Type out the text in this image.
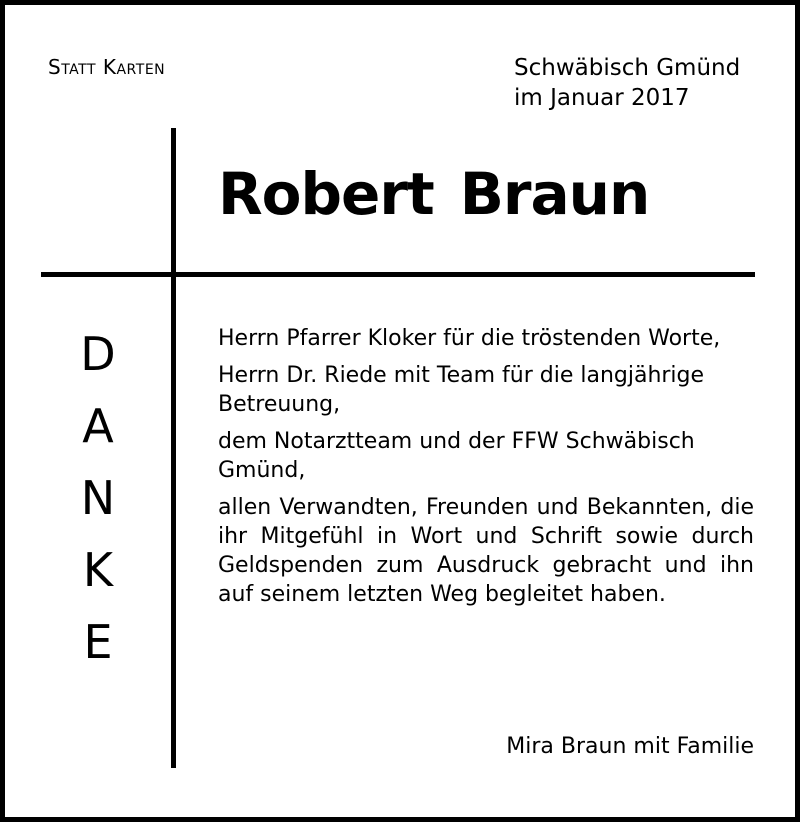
Statt Karten	Schwäbisch Gmünd
im Januar 2017
Robert Braun
D
A
N
K
E

Herrn Pfarrer Kloker für die tröstenden Worte,

Herrn Dr. Riede mit Team für die langjährige Betreuung,

dem Notarztteam und der FFW Schwäbisch Gmünd,

allen Verwandten, Freunden und Bekannten, die ihr Mitgefühl in Wort und Schrift sowie durch Geldspenden zum Ausdruck gebracht und ihn auf seinem letzten Weg begleitet haben.

Mira Braun mit Familie
